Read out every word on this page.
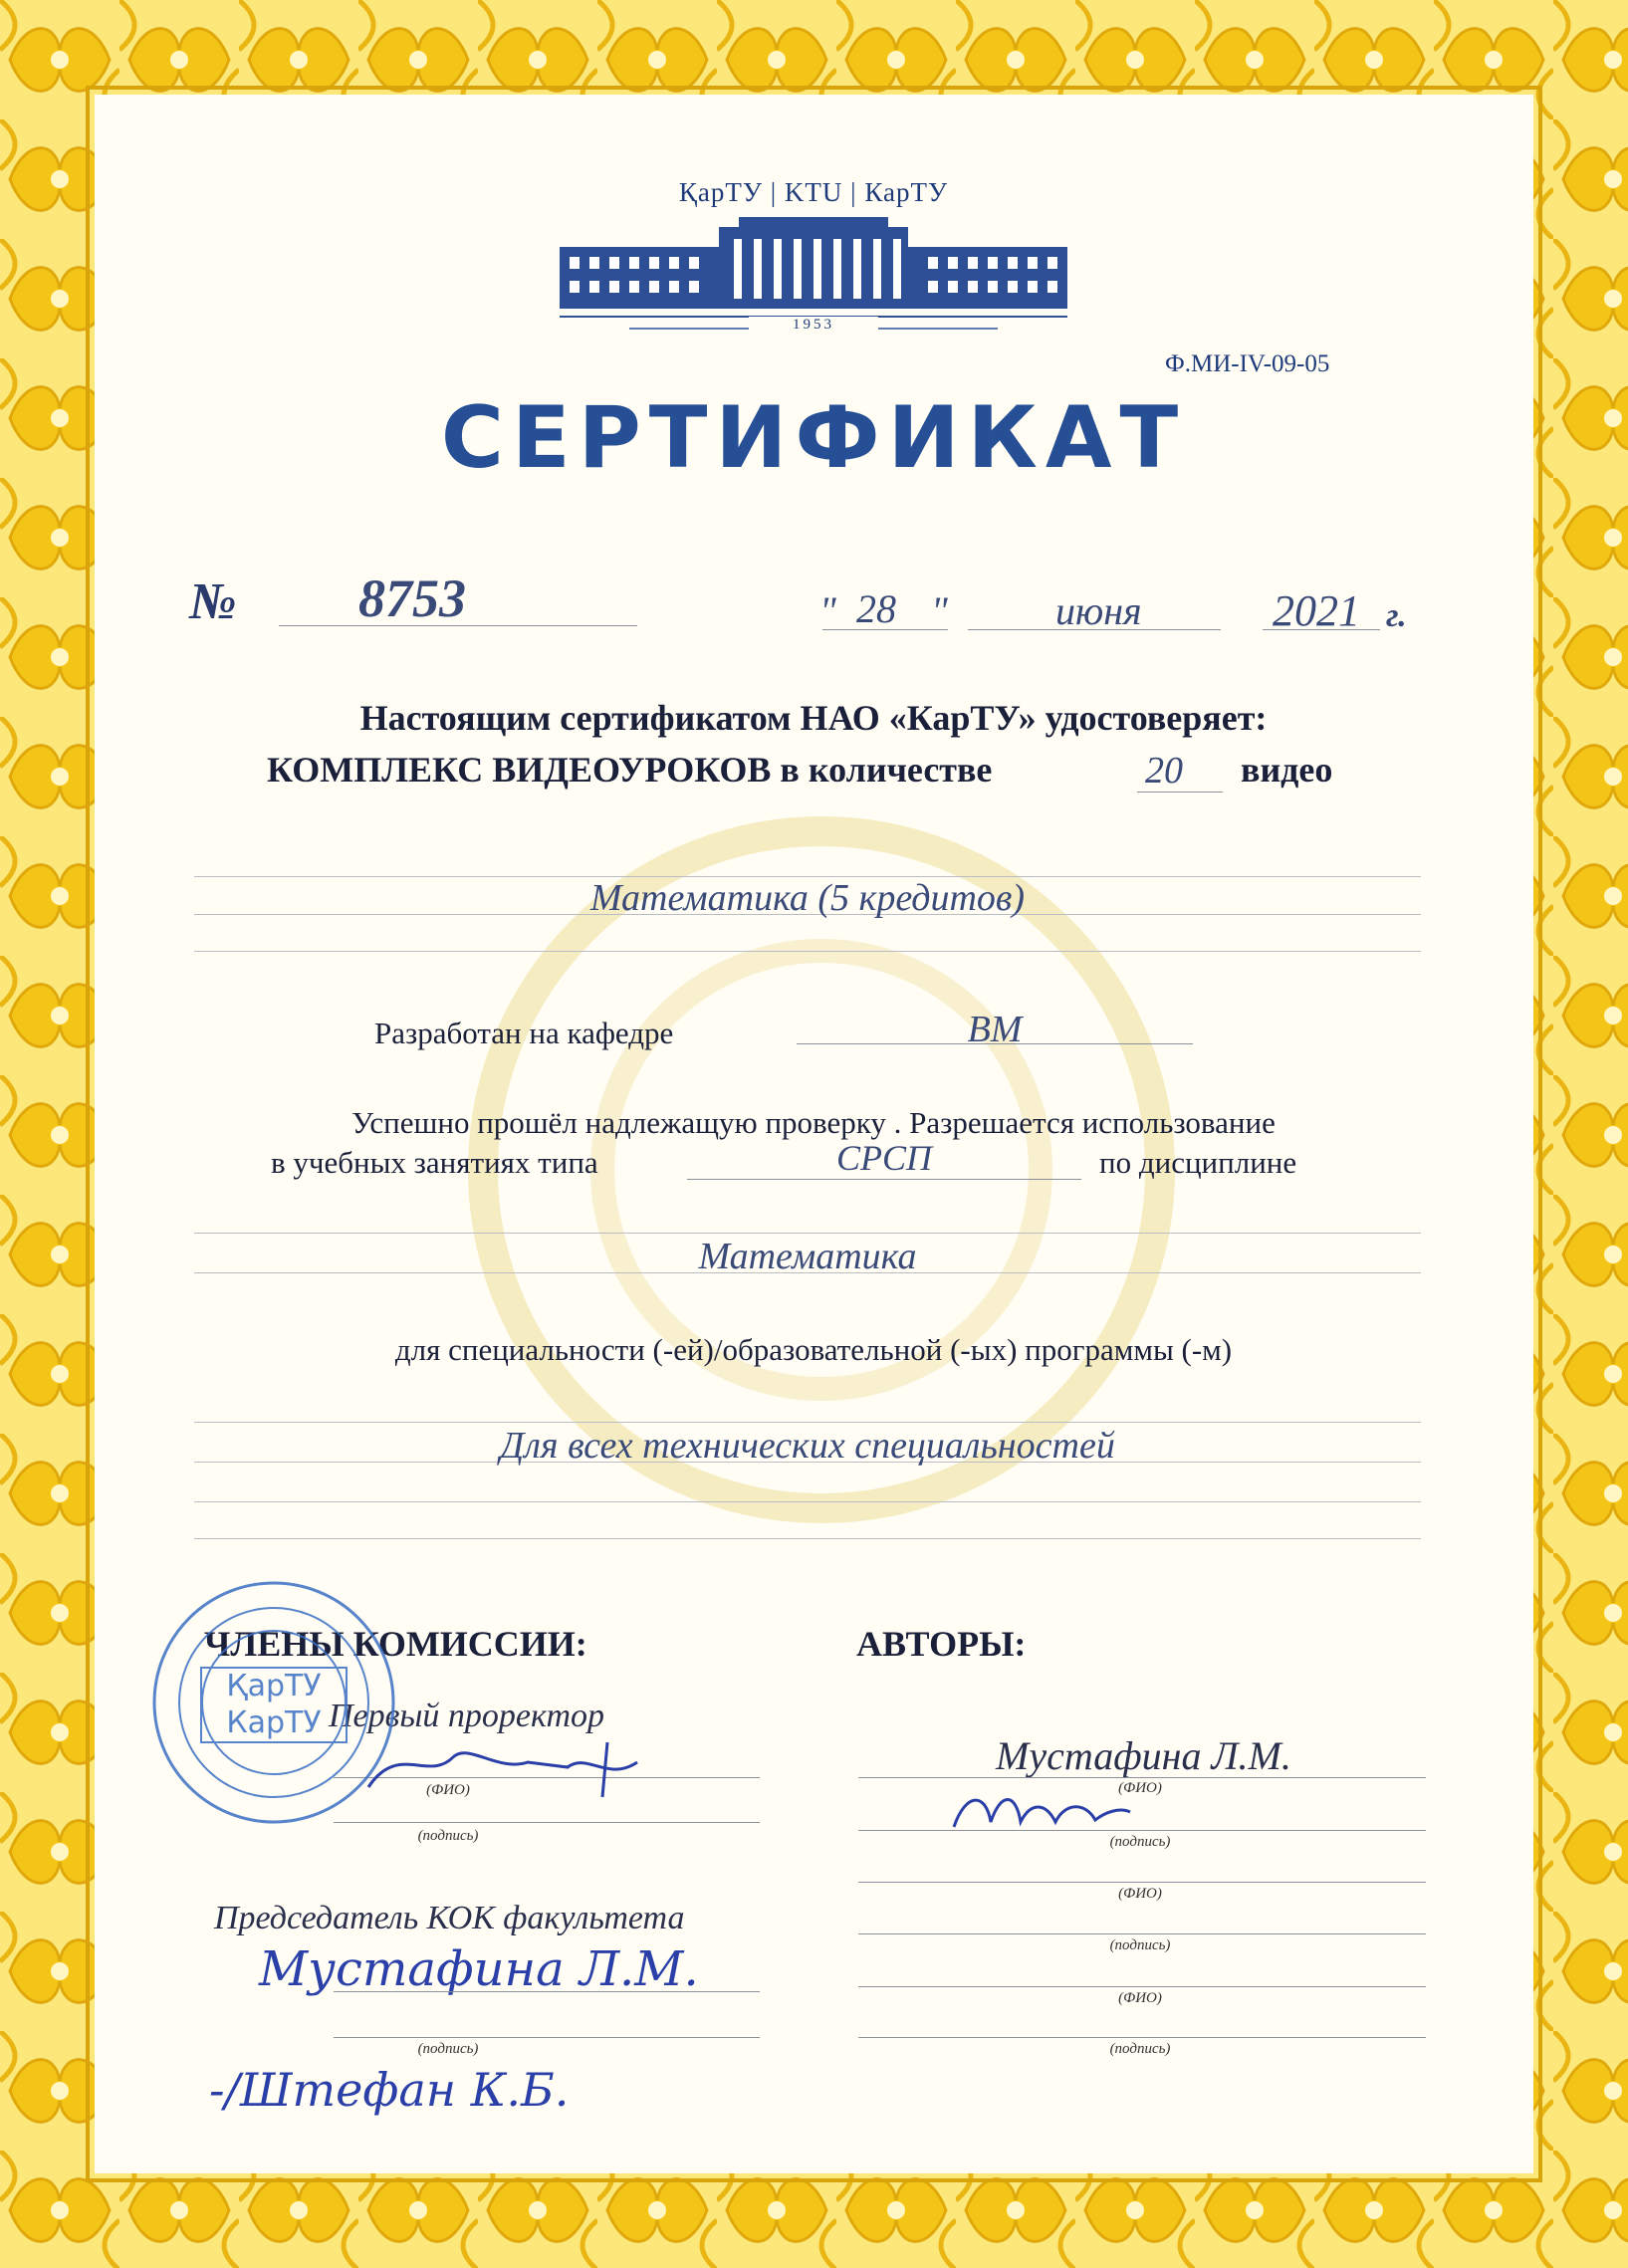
ҚарТУ | KTU | КарТУ
1953
Ф.МИ-IV-09-05
СЕРТИФИКАТ
№ 8753	" 28 "	июня	2021 г.
Настоящим сертификатом НАО «КарТУ» удостоверяет:
КОМПЛЕКС ВИДЕОУРОКОВ в количестве	20 видео
Математика (5 кредитов)
Разработан на кафедре	ВМ
Успешно прошёл надлежащую проверку . Разрешается использование
в учебных занятиях типа	СРСП	по дисциплине
Математика
для специальности (-ей)/образовательной (-ых) программы (-м)
Для всех технических специальностей
ЧЛЕНЫ КОМИССИИ:
Первый проректор
(ФИО)
(подпись)
Председатель КОК факультета
Мустафина Л.М.
(подпись)
-/Штефан К.Б.
АВТОРЫ:
Мустафина Л.М.
(ФИО)
(подпись)
(ФИО)
(подпись)
(ФИО)
(подпись)
ҚарТУ
КарТУ
